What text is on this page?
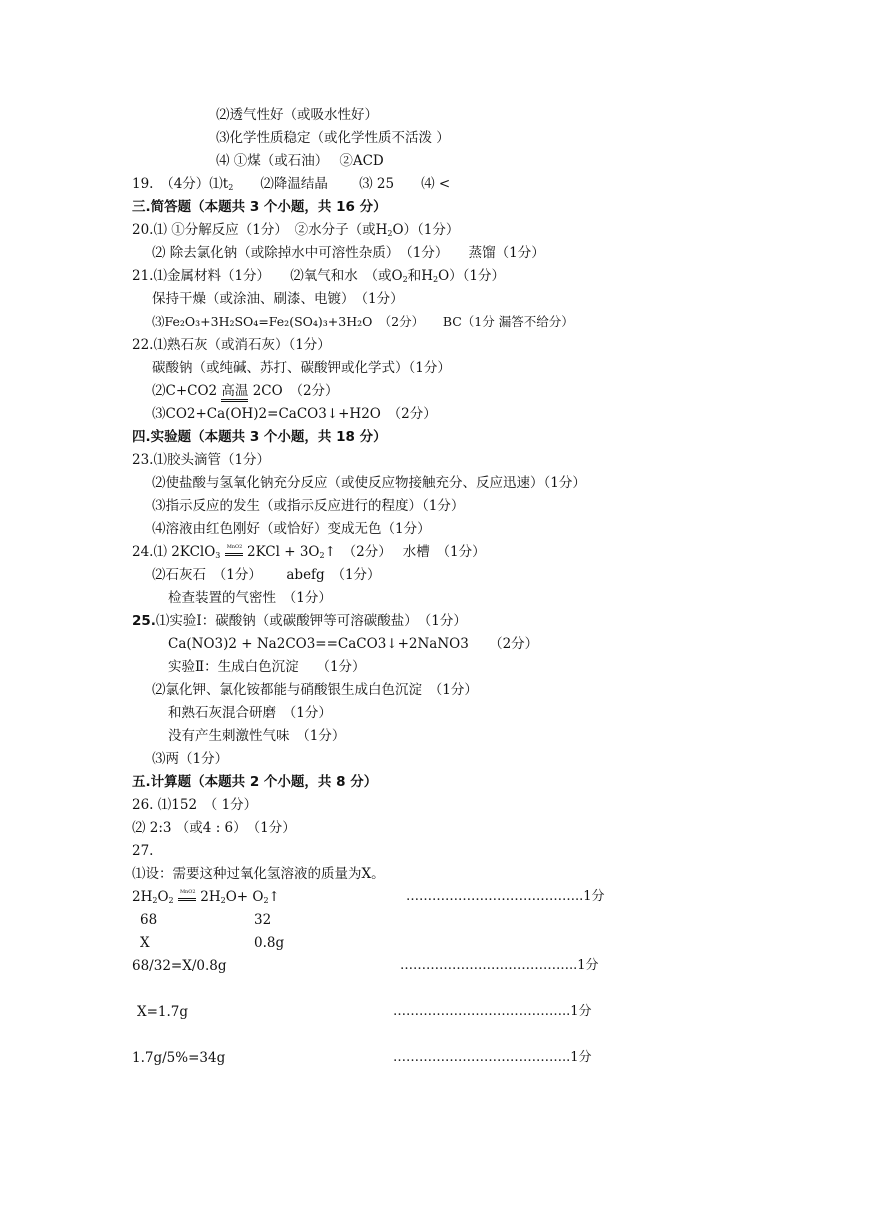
⑵透气性好（或吸水性好）
⑶化学性质稳定（或化学性质不活泼 ）
⑷ ①煤（或石油）　 ②ACD
19.　（4分）$⑴t_2$　　⑵降温结晶　　 ⑶ 25　　⑷ <
三.简答题（本题共 3 个小题，共 16 分）
20.⑴ ①分解反应（1分）　②水分子（或$H_2O)(1$分）
⑵ 除去氯化钠（或除掉水中可溶性杂质）　（1分）　　蒸馏（1分）
21.⑴金属材料（1分）　　⑵氧气和水　（或$O_2$和$H_2O)(1$分）
保持干燥（或涂油、刷漆、电镀）　（1分）
⑶Fe₂O₃+3H₂SO₄=Fe₂(SO₄)₃+3H₂O　（2分）　　BC（1分 漏答不给分）
22.⑴熟石灰（或消石灰）（1分）
碳酸钠（或纯碱、苏打、碳酸钾或化学式）（1分）
⑵C+CO2 高温 2CO　（2分）
⑶CO2+Ca(OH)2=CaCO3↓+H2O　（2分）
四.实验题（本题共 3 个小题，共 18 分）
23.⑴胶头滴管（1分）
⑵使盐酸与氢氧化钠充分反应（或使反应物接触充分、反应迅速）（1分）
⑶指示反应的发生（或指示反应进行的程度）（1分）
⑷溶液由红色刚好（或恰好）变成无色（1分）
24.⑴ 2KClO$_3$
MnO2 $2KCl + 3O_2↑$　（2分）　 水槽　（1分）
⑵石灰石　（1分）　　 abefg　（1分）
检查装置的气密性　（1分）
25.⑴实验Ⅰ：碳酸钠（或碳酸钾等可溶碳酸盐）　（1分）
Ca(NO3)2 + Na2CO3==CaCO3↓+2NaNO3　　（2分）
实验Ⅱ：生成白色沉淀　 （1分）
⑵氯化钾、氯化铵都能与硝酸银生成白色沉淀　（1分）
和熟石灰混合研磨　（1分）
没有产生刺激性气味　（1分）
⑶两（1分）
五.计算题（本题共 2 个小题，共 8 分）
26. ⑴152　（ 1分）
⑵ 2:3 （或4 : 6）　（1分）
27.
⑴设：需要这种过氧化氢溶液的质量为X。
$2H_2O_2$
MnO2 $2H_2O+$ $O_2↑$	…………………………………..1分
68	32
X	0.8g
68/32=X/0.8g	…………………………………..1分
X=1.7g	…………………………………..1分
1.7g/5%=34g	…………………………………..1分
